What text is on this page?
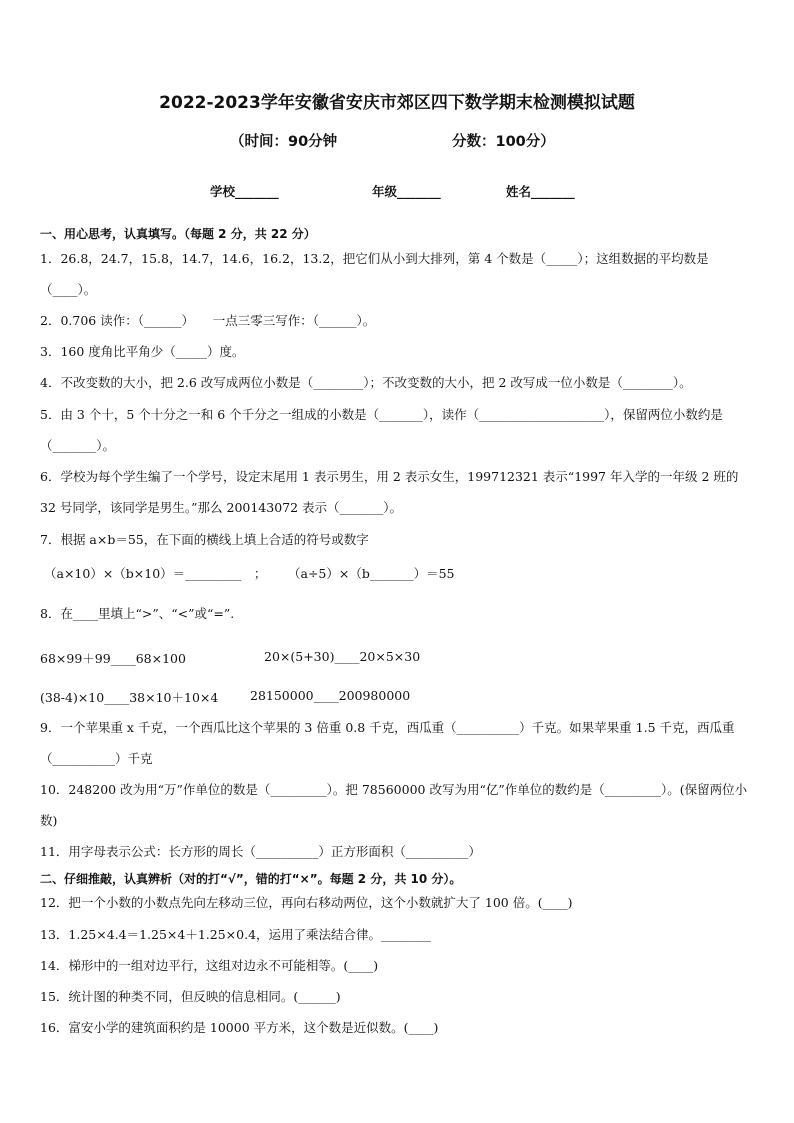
2022-2023学年安徽省安庆市郊区四下数学期末检测模拟试题
（时间：90分钟	分数：100分）
学校_______	年级_______	姓名_______
一、用心思考，认真填写。（每题 2 分，共 22 分）
1．26.8，24.7，15.8，14.7，14.6，16.2，13.2，把它们从小到大排列，第 4 个数是（_____）；这组数据的平均数是（____）。
2．0.706 读作：（______）　　一点三零三写作：（______）。
3．160 度角比平角少（_____）度。
4．不改变数的大小，把 2.6 改写成两位小数是（________）；不改变数的大小，把 2 改写成一位小数是（________）。
5．由 3 个十，5 个十分之一和 6 个千分之一组成的小数是（_______），读作（____________________），保留两位小数约是（_______）。
6．学校为每个学生编了一个学号，设定末尾用 1 表示男生，用 2 表示女生，199712321 表示“1997 年入学的一年级 2 班的 32 号同学，该同学是男生。”那么 200143072 表示（_______）。
7．根据 a×b＝55，在下面的横线上填上合适的符号或数字
（a×10）×（b×10）＝_________　； （a÷5）×（b_______）＝55
8．在____里填上“>”、“<”或“=”.
68×99＋99____68×100	20×(5+30)____20×5×30
(38-4)×10____38×10＋10×4	28150000____200980000
9．一个苹果重 x 千克，一个西瓜比这个苹果的 3 倍重 0.8 千克，西瓜重（__________）千克。如果苹果重 1.5 千克，西瓜重（__________）千克
10．248200 改为用“万”作单位的数是（_________）。把 78560000 改写为用“亿”作单位的数约是（_________）。(保留两位小数)
11．用字母表示公式：长方形的周长（__________）正方形面积（__________）
二、仔细推敲，认真辨析（对的打“√”，错的打“×”。每题 2 分，共 10 分）。
12．把一个小数的小数点先向左移动三位，再向右移动两位，这个小数就扩大了 100 倍。(____)
13．1.25×4.4＝1.25×4＋1.25×0.4，运用了乘法结合律。________
14．梯形中的一组对边平行，这组对边永不可能相等。(____)
15．统计图的种类不同，但反映的信息相同。(______)
16．富安小学的建筑面积约是 10000 平方米，这个数是近似数。(____)
